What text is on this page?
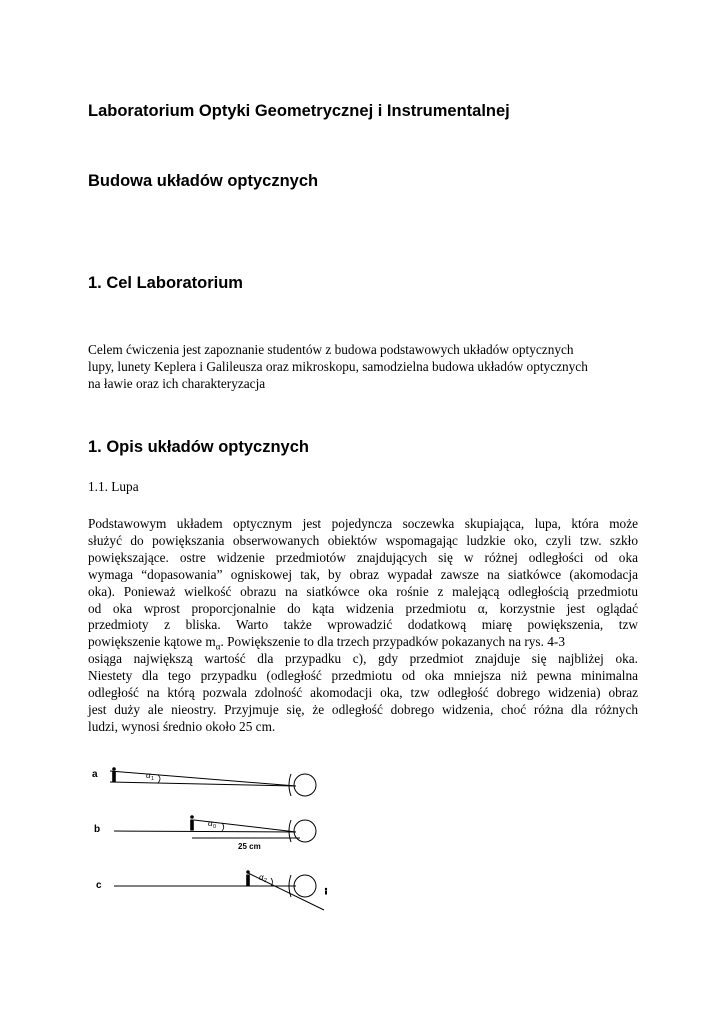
Laboratorium Optyki Geometrycznej i Instrumentalnej
Budowa układów optycznych
1. Cel Laboratorium
Celem ćwiczenia jest zapoznanie studentów z budowa podstawowych układów optycznych
lupy, lunety Keplera i Galileusza oraz mikroskopu, samodzielna budowa układów optycznych
na ławie oraz ich charakteryzacja
1. Opis układów optycznych
1.1. Lupa
Podstawowym układem optycznym jest pojedyncza soczewka skupiająca, lupa, która może
służyć do powiększania obserwowanych obiektów wspomagając ludzkie oko, czyli tzw. szkło
powiększające. ostre widzenie przedmiotów znajdujących się w różnej odległości od oka
wymaga “dopasowania” ogniskowej tak, by obraz wypadał zawsze na siatkówce (akomodacja
oka). Ponieważ wielkość obrazu na siatkówce oka rośnie z malejącą odległością przedmiotu
od oka wprost proporcjonalnie do kąta widzenia przedmiotu α, korzystnie jest oglądać
przedmioty z bliska. Warto także wprowadzić dodatkową miarę powiększenia, tzw
powiększenie kątowe $m_\alpha$. Powiększenie to dla trzech przypadków pokazanych na rys. 4-3
osiąga największą wartość dla przypadku c), gdy przedmiot znajduje się najbliżej oka.
Niestety dla tego przypadku (odległość przedmiotu od oka mniejsza niż pewna minimalna
odległość na którą pozwala zdolność akomodacji oka, tzw odległość dobrego widzenia) obraz
jest duży ale nieostry. Przyjmuje się, że odległość dobrego widzenia, choć różna dla różnych
ludzi, wynosi średnio około 25 cm.
a	α 1
b
α 0
25 cm
c
α 2
